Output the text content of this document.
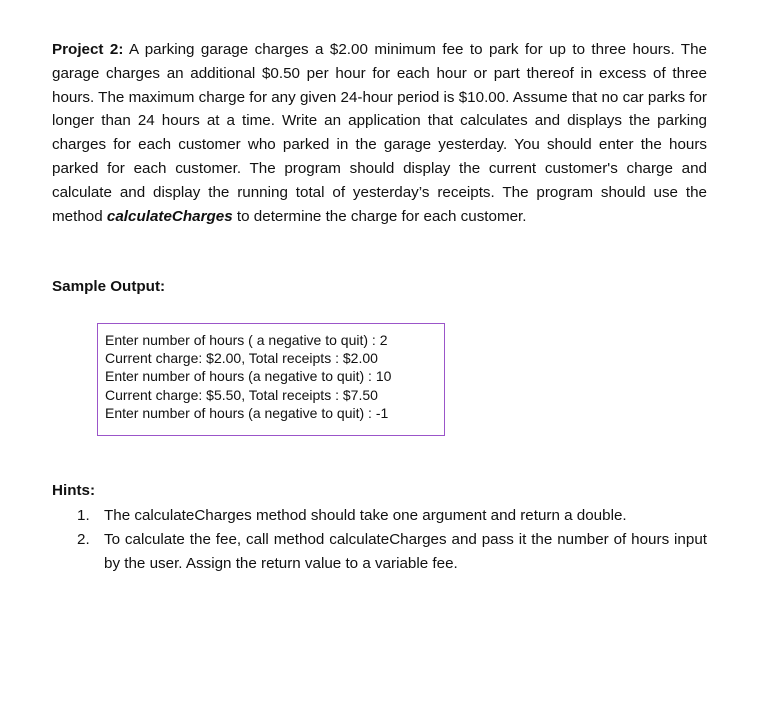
Project 2: A parking garage charges a $2.00 minimum fee to park for up to three hours. The garage charges an additional $0.50 per hour for each hour or part thereof in excess of three hours. The maximum charge for any given 24-hour period is $10.00. Assume that no car parks for longer than 24 hours at a time. Write an application that calculates and displays the parking charges for each customer who parked in the garage yesterday. You should enter the hours parked for each customer. The program should display the current customer's charge and calculate and display the running total of yesterday’s receipts. The program should use the method calculateCharges to determine the charge for each customer.

Sample Output:

Enter number of hours ( a negative to quit) : 2

Current charge: $2.00, Total receipts : $2.00

Enter number of hours (a negative to quit) : 10

Current charge: $5.50, Total receipts : $7.50

Enter number of hours (a negative to quit) : -1

Hints:

1. The calculateCharges method should take one argument and return a double.
2. To calculate the fee, call method calculateCharges and pass it the number of hours input by the user. Assign the return value to a variable fee.
